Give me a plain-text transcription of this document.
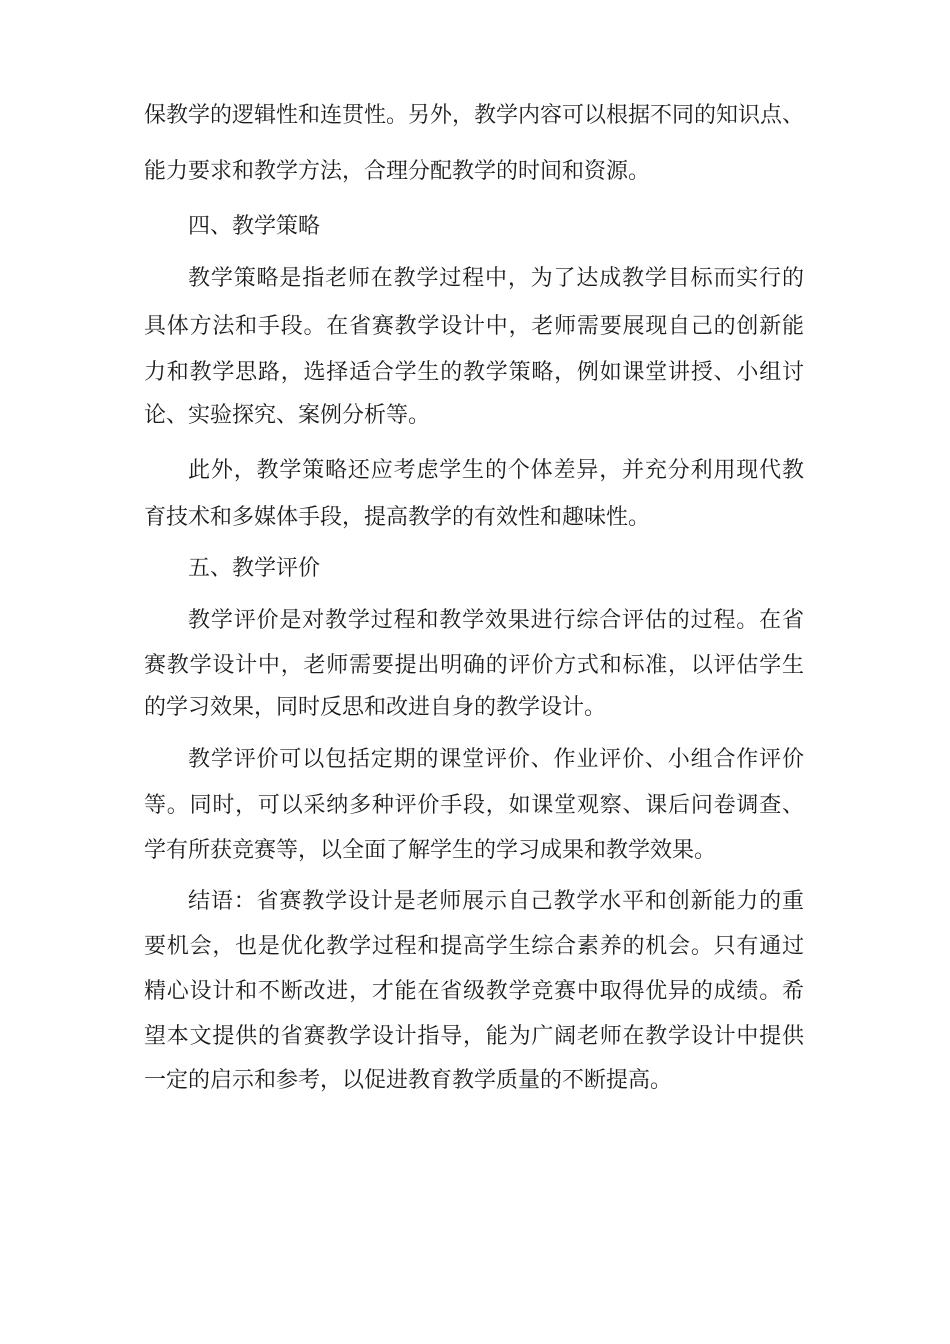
保教学的逻辑性和连贯性。另外，教学内容可以根据不同的知识点、
能力要求和教学方法，合理分配教学的时间和资源。
四、教学策略
教学策略是指老师在教学过程中，为了达成教学目标而实行的
具体方法和手段。在省赛教学设计中，老师需要展现自己的创新能
力和教学思路，选择适合学生的教学策略，例如课堂讲授、小组讨
论、实验探究、案例分析等。
此外，教学策略还应考虑学生的个体差异，并充分利用现代教
育技术和多媒体手段，提高教学的有效性和趣味性。
五、教学评价
教学评价是对教学过程和教学效果进行综合评估的过程。在省
赛教学设计中，老师需要提出明确的评价方式和标准，以评估学生
的学习效果，同时反思和改进自身的教学设计。
教学评价可以包括定期的课堂评价、作业评价、小组合作评价
等。同时，可以采纳多种评价手段，如课堂观察、课后问卷调查、
学有所获竞赛等，以全面了解学生的学习成果和教学效果。
结语：省赛教学设计是老师展示自己教学水平和创新能力的重
要机会，也是优化教学过程和提高学生综合素养的机会。只有通过
精心设计和不断改进，才能在省级教学竞赛中取得优异的成绩。希
望本文提供的省赛教学设计指导，能为广阔老师在教学设计中提供
一定的启示和参考，以促进教育教学质量的不断提高。
